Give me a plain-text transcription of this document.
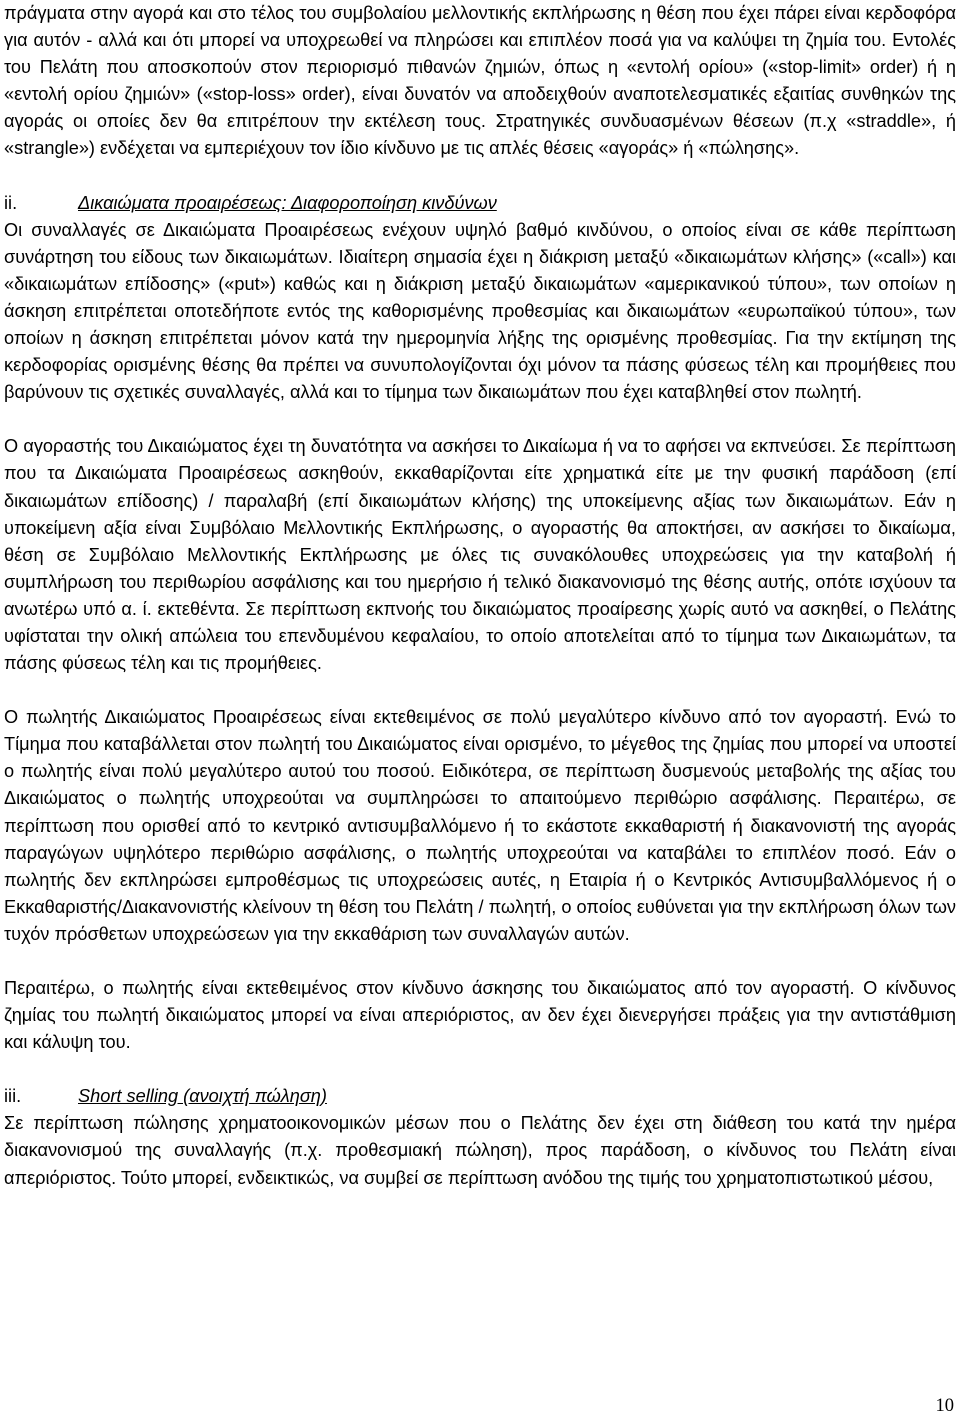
πράγματα στην αγορά και στο τέλος του συμβολαίου μελλοντικής εκπλήρωσης η θέση που έχει πάρει είναι κερδοφόρα για αυτόν - αλλά και ότι μπορεί να υποχρεωθεί να πληρώσει και επιπλέον ποσά για να καλύψει τη ζημία του. Εντολές του Πελάτη που αποσκοπούν στον περιορισμό πιθανών ζημιών, όπως η «εντολή ορίου» («stop-limit» order) ή η «εντολή ορίου ζημιών» («stop-loss» order), είναι δυνατόν να αποδειχθούν αναποτελεσματικές εξαιτίας συνθηκών της αγοράς οι οποίες δεν θα επιτρέπουν την εκτέλεση τους. Στρατηγικές συνδυασμένων θέσεων (π.χ «straddle», ή «strangle») ενδέχεται να εμπεριέχουν τον ίδιο κίνδυνο με τις απλές θέσεις «αγοράς» ή «πώλησης».

ii.	Δικαιώματα προαιρέσεως: Διαφοροποίηση κινδύνων

Οι συναλλαγές σε Δικαιώματα Προαιρέσεως ενέχουν υψηλό βαθμό κινδύνου, ο οποίος είναι σε κάθε περίπτωση συνάρτηση του είδους των δικαιωμάτων. Ιδιαίτερη σημασία έχει η διάκριση μεταξύ «δικαιωμάτων κλήσης» («call») και «δικαιωμάτων επίδοσης» («put») καθώς και η διάκριση μεταξύ δικαιωμάτων «αμερικανικού τύπου», των οποίων η άσκηση επιτρέπεται οποτεδήποτε εντός της καθορισμένης προθεσμίας και δικαιωμάτων «ευρωπαϊκού τύπου», των οποίων η άσκηση επιτρέπεται μόνον κατά την ημερομηνία λήξης της ορισμένης προθεσμίας. Για την εκτίμηση της κερδοφορίας ορισμένης θέσης θα πρέπει να συνυπολογίζονται όχι μόνον τα πάσης φύσεως τέλη και προμήθειες που βαρύνουν τις σχετικές συναλλαγές, αλλά και το τίμημα των δικαιωμάτων που έχει καταβληθεί στον πωλητή.

Ο αγοραστής του Δικαιώματος έχει τη δυνατότητα να ασκήσει το Δικαίωμα ή να το αφήσει να εκπνεύσει. Σε περίπτωση που τα Δικαιώματα Προαιρέσεως ασκηθούν, εκκαθαρίζονται είτε χρηματικά είτε με την φυσική παράδοση (επί δικαιωμάτων επίδοσης) / παραλαβή (επί δικαιωμάτων κλήσης) της υποκείμενης αξίας των δικαιωμάτων. Εάν η υποκείμενη αξία είναι Συμβόλαιο Μελλοντικής Εκπλήρωσης, ο αγοραστής θα αποκτήσει, αν ασκήσει το δικαίωμα, θέση σε Συμβόλαιο Μελλοντικής Εκπλήρωσης με όλες τις συνακόλουθες υποχρεώσεις για την καταβολή ή συμπλήρωση του περιθωρίου ασφάλισης και του ημερήσιο ή τελικό διακανονισμό της θέσης αυτής, οπότε ισχύουν τα ανωτέρω υπό α. ί. εκτεθέντα. Σε περίπτωση εκπνοής του δικαιώματος προαίρεσης χωρίς αυτό να ασκηθεί, ο Πελάτης υφίσταται την ολική απώλεια του επενδυμένου κεφαλαίου, το οποίο αποτελείται από το τίμημα των Δικαιωμάτων, τα πάσης φύσεως τέλη και τις προμήθειες.

Ο πωλητής Δικαιώματος Προαιρέσεως είναι εκτεθειμένος σε πολύ μεγαλύτερο κίνδυνο από τον αγοραστή. Ενώ το Τίμημα που καταβάλλεται στον πωλητή του Δικαιώματος είναι ορισμένο, το μέγεθος της ζημίας που μπορεί να υποστεί ο πωλητής είναι πολύ μεγαλύτερο αυτού του ποσού. Ειδικότερα, σε περίπτωση δυσμενούς μεταβολής της αξίας του Δικαιώματος ο πωλητής υποχρεούται να συμπληρώσει το απαιτούμενο περιθώριο ασφάλισης. Περαιτέρω, σε περίπτωση που ορισθεί από το κεντρικό αντισυμβαλλόμενο ή το εκάστοτε εκκαθαριστή ή διακανονιστή της αγοράς παραγώγων υψηλότερο περιθώριο ασφάλισης, ο πωλητής υποχρεούται να καταβάλει το επιπλέον ποσό. Εάν ο πωλητής δεν εκπληρώσει εμπροθέσμως τις υποχρεώσεις αυτές, η Εταιρία ή ο Κεντρικός Αντισυμβαλλόμενος ή ο Εκκαθαριστής/Διακανονιστής κλείνουν τη θέση του Πελάτη / πωλητή, ο οποίος ευθύνεται για την εκπλήρωση όλων των τυχόν πρόσθετων υποχρεώσεων για την εκκαθάριση των συναλλαγών αυτών.

Περαιτέρω, ο πωλητής είναι εκτεθειμένος στον κίνδυνο άσκησης του δικαιώματος από τον αγοραστή. Ο κίνδυνος ζημίας του πωλητή δικαιώματος μπορεί να είναι απεριόριστος, αν δεν έχει διενεργήσει πράξεις για την αντιστάθμιση και κάλυψη του.

iii.	Short selling (ανοιχτή πώληση)

Σε περίπτωση πώλησης χρηματοοικονομικών μέσων που ο Πελάτης δεν έχει στη διάθεση του κατά την ημέρα διακανονισμού της συναλλαγής (π.χ. προθεσμιακή πώληση), προς παράδοση, ο κίνδυνος του Πελάτη είναι απεριόριστος. Τούτο μπορεί, ενδεικτικώς, να συμβεί σε περίπτωση ανόδου της τιμής του χρηματοπιστωτικού μέσου,

10
